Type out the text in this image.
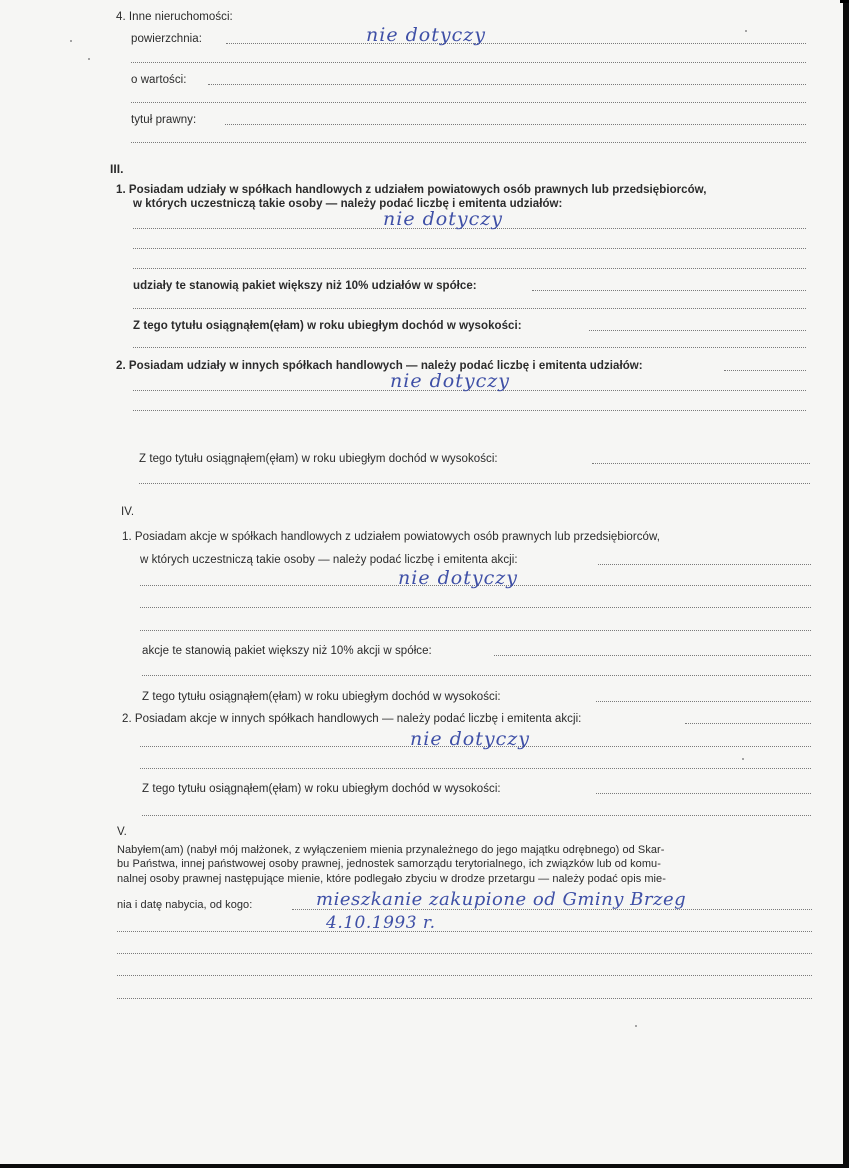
4. Inne nieruchomości:
powierzchnia:	nie dotyczy
o wartości:
tytuł prawny:
III.
1. Posiadam udziały w spółkach handlowych z udziałem powiatowych osób prawnych lub przedsiębiorców,
w których uczestniczą takie osoby — należy podać liczbę i emitenta udziałów:
nie dotyczy
udziały te stanowią pakiet większy niż 10% udziałów w spółce:
Z tego tytułu osiągnąłem(ęłam) w roku ubiegłym dochód w wysokości:
2. Posiadam udziały w innych spółkach handlowych — należy podać liczbę i emitenta udziałów:
nie dotyczy
Z tego tytułu osiągnąłem(ęłam) w roku ubiegłym dochód w wysokości:
IV.
1. Posiadam akcje w spółkach handlowych z udziałem powiatowych osób prawnych lub przedsiębiorców,
w których uczestniczą takie osoby — należy podać liczbę i emitenta akcji:
nie dotyczy
akcje te stanowią pakiet większy niż 10% akcji w spółce:
Z tego tytułu osiągnąłem(ęłam) w roku ubiegłym dochód w wysokości:
2. Posiadam akcje w innych spółkach handlowych — należy podać liczbę i emitenta akcji:
nie dotyczy
Z tego tytułu osiągnąłem(ęłam) w roku ubiegłym dochód w wysokości:
V.
Nabyłem(am) (nabył mój małżonek, z wyłączeniem mienia przynależnego do jego majątku odrębnego) od Skar-
bu Państwa, innej państwowej osoby prawnej, jednostek samorządu terytorialnego, ich związków lub od komu-
nalnej osoby prawnej następujące mienie, które podlegało zbyciu w drodze przetargu — należy podać opis mie-
nia i datę nabycia, od kogo:	mieszkanie zakupione od Gminy Brzeg
4.10.1993 r.
